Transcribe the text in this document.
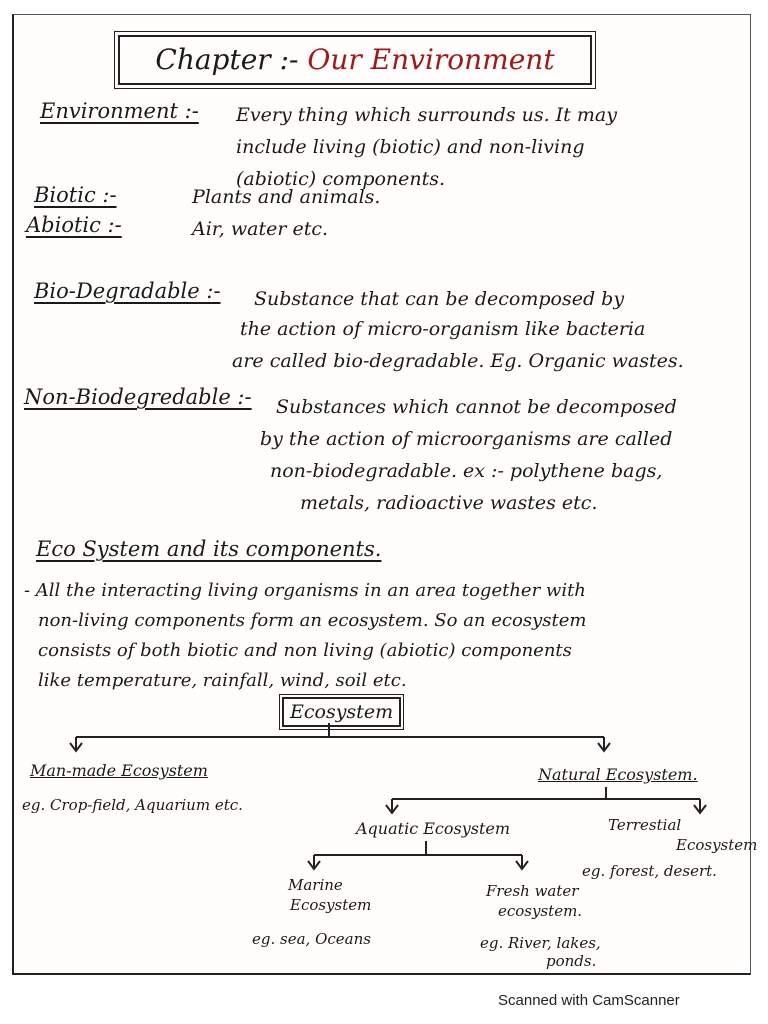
Chapter :- Our Environment
Environment :- Every thing which surrounds us. It may
include living (biotic) and non-living
(abiotic) components.
Biotic :-	Plants and animals.
Abiotic :-	Air, water etc.
Bio-Degradable :- Substance that can be decomposed by
the action of micro-organism like bacteria
are called bio-degradable. Eg. Organic wastes.
Non-Biodegredable :- Substances which cannot be decomposed
by the action of microorganisms are called
non-biodegradable. ex :- polythene bags,
metals, radioactive wastes etc.
Eco System and its components.
- All the interacting living organisms in an area together with
non-living components form an ecosystem. So an ecosystem
consists of both biotic and non living (abiotic) components
like temperature, rainfall, wind, soil etc.
Ecosystem
Man-made Ecosystem
eg. Crop-field, Aquarium etc.
Natural Ecosystem.
Aquatic Ecosystem	Terrestial
Ecosystem
eg. forest, desert.
Marine
Ecosystem
eg. sea, Oceans
Fresh water
ecosystem.
eg. River, lakes,
ponds.
Scanned with CamScanner
